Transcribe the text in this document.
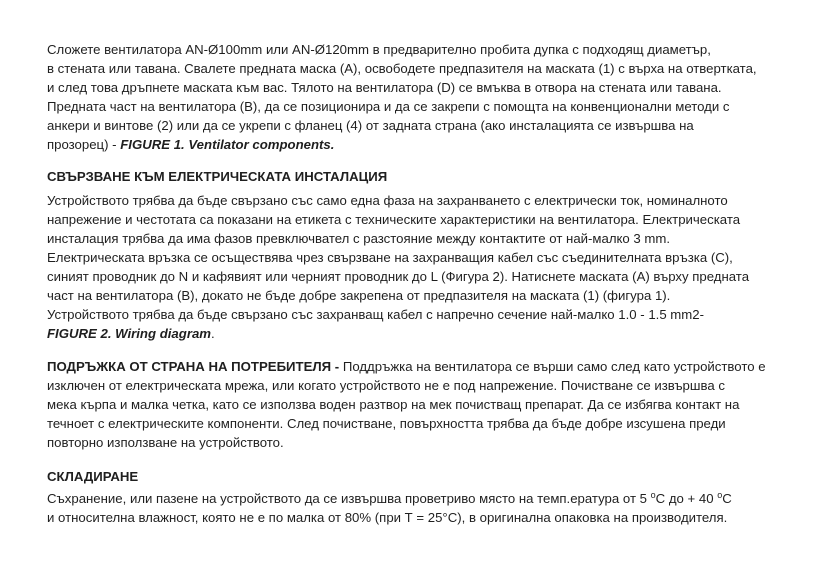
Сложете вентилатора AN-Ø100mm или AN-Ø120mm в предварително пробита дупка с подходящ диаметър,
в стената или тавана. Свалете предната маска (А), освободете предпазителя на маската (1) с върха на отвертката,
и след това дръпнете маската към вас. Тялото на вентилатора (D) се вмъква в отвора на стената или тавана.
Предната част на вентилатора (В), да се позиционира и да се закрепи с помощта на конвенционални методи с
анкери и винтове (2) или да се укрепи с фланец (4) от задната страна (ако инсталацията се извършва на
прозорец) - FIGURE 1. Ventilator components.
СВЪРЗВАНЕ КЪМ ЕЛЕКТРИЧЕСКАТА ИНСТАЛАЦИЯ
Устройството трябва да бъде свързано със само една фаза на захранването с електрически ток, номиналното
напрежение и честотата са показани на етикета с техническите характеристики на вентилатора. Електрическата
инсталация трябва да има фазов превключвател с разстояние между контактите от най-малко 3 mm.
Електрическата връзка се осъществява чрез свързване на захранващия кабел със съединителната връзка (С),
синият проводник до N и кафявият или черният проводник до L (Фигура 2). Натиснете маската (А) върху предната
част на вентилатора (В), докато не бъде добре закрепена от предпазителя на маската (1) (фигура 1).
Устройството трябва да бъде свързано със захранващ кабел с напречно сечение най-малко 1.0 - 1.5 mm2-
FIGURE 2. Wiring diagram.
ПОДРЪЖКА ОТ СТРАНА НА ПОТРЕБИТЕЛЯ - Поддръжка на вентилатора се върши само след като устройството е
изключен от електрическата мрежа, или когато устройството не е под напрежение. Почистване се извършва с
мека кърпа и малка четка, като се използва воден разтвор на мек почистващ препарат. Да се избягва контакт на
течноет с електрическите компоненти. След почистване, повърхността трябва да бъде добре изсушена преди
повторно използване на устройството.
СКЛАДИРАНЕ
Съхранение, или пазене на устройството да се извършва проветриво място на темп.ература от 5 $^o$C до + 40 $^o$C
и относителна влажност, която не е по малка от 80% (при Т = 25°С), в оригинална опаковка на производителя.
